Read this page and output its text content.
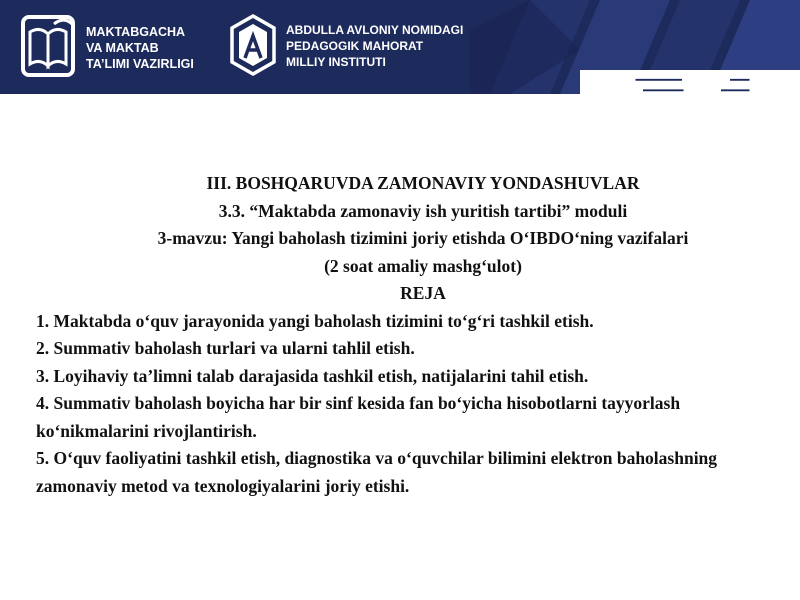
MAKTABGACHA
VA MAKTAB
TA’LIMI VAZIRLIGI
ABDULLA AVLONIY NOMIDAGI
PEDAGOGIK MAHORAT
MILLIY INSTITUTI
III. BOSHQARUVDA ZAMONAVIY YONDASHUVLAR
3.3. “Maktabda zamonaviy ish yuritish tartibi” moduli
3-mavzu: Yangi baholash tizimini joriy etishda O‘IBDO‘ning vazifalari
(2 soat amaliy mashg‘ulot)
REJA
1. Maktabda o‘quv jarayonida yangi baholash tizimini to‘g‘ri tashkil etish.
2. Summativ baholash turlari va ularni tahlil etish.
3. Loyihaviy ta’limni talab darajasida tashkil etish, natijalarini tahil etish.
4. Summativ baholash boyicha har bir sinf kesida fan bo‘yicha hisobotlarni tayyorlash ko‘nikmalarini rivojlantirish.
5. O‘quv faoliyatini tashkil etish, diagnostika va o‘quvchilar bilimini elektron baholashning zamonaviy metod va texnologiyalarini joriy etishi.
